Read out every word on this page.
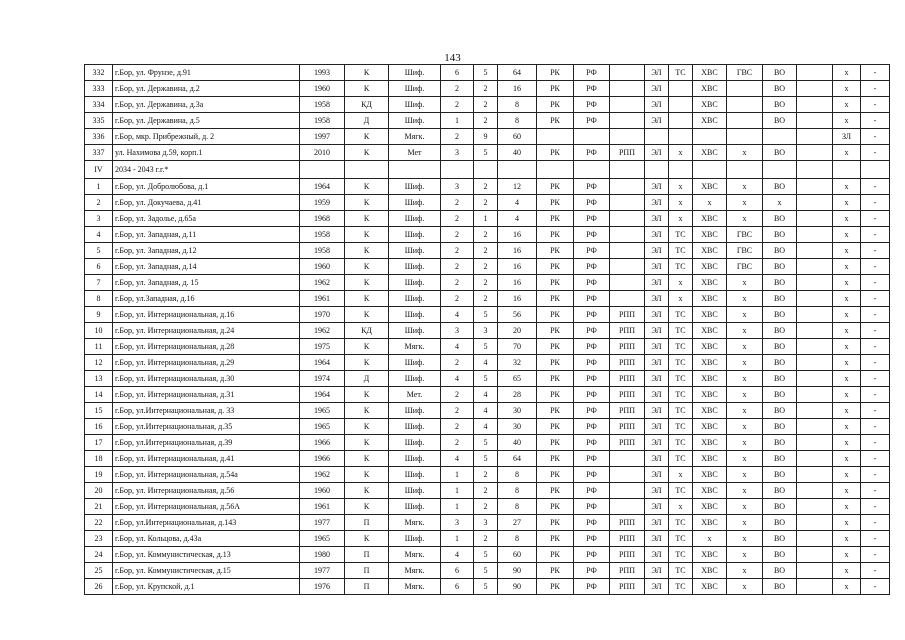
143
332	г.Бор, ул. Фрунзе, д.91	1993	К	Шиф.	6	5	64	РК	РФ		ЭЛ	ТС	ХВС	ГВС	ВО		х	-
333	г.Бор, ул. Державина, д.2	1960	К	Шиф.	2	2	16	РК	РФ		ЭЛ		ХВС		ВО		х	-
334	г.Бор, ул. Державина, д.3а	1958	КД	Шиф.	2	2	8	РК	РФ		ЭЛ		ХВС		ВО		х	-
335	г.Бор, ул. Державина, д.5	1958	Д	Шиф.	1	2	8	РК	РФ		ЭЛ		ХВС		ВО		х	-
336	г.Бор, мкр. Прибрежный, д. 2	1997	К	Мягк.	2	9	60										ЗЛ	-
337	ул. Нахимова д.59, корп.1	2010	К	Мет	3	5	40	РК	РФ	РПП	ЭЛ	х	ХВС	х	ВО		х	-
IV	2034 - 2043 г.г.*																	
1	г.Бор, ул. Добролюбова, д.1	1964	К	Шиф.	3	2	12	РК	РФ		ЭЛ	х	ХВС	х	ВО		х	-
2	г.Бор, ул. Докучаева, д.41	1959	К	Шиф.	2	2	4	РК	РФ		ЭЛ	х	х	х	х		х	-
3	г.Бор, ул. Задолье, д.65а	1968	К	Шиф.	2	1	4	РК	РФ		ЭЛ	х	ХВС	х	ВО		х	-
4	г.Бор, ул. Западная, д.11	1958	К	Шиф.	2	2	16	РК	РФ		ЭЛ	ТС	ХВС	ГВС	ВО		х	-
5	г.Бор, ул. Западная, д.12	1958	К	Шиф.	2	2	16	РК	РФ		ЭЛ	ТС	ХВС	ГВС	ВО		х	-
6	г.Бор, ул. Западная, д.14	1960	К	Шиф.	2	2	16	РК	РФ		ЭЛ	ТС	ХВС	ГВС	ВО		х	-
7	г.Бор, ул. Западная, д. 15	1962	К	Шиф.	2	2	16	РК	РФ		ЭЛ	х	ХВС	х	ВО		х	-
8	г.Бор, ул.Западная, д.16	1961	К	Шиф.	2	2	16	РК	РФ		ЭЛ	х	ХВС	х	ВО		х	-
9	г.Бор, ул. Интернациональная, д.16	1970	К	Шиф.	4	5	56	РК	РФ	РПП	ЭЛ	ТС	ХВС	х	ВО		х	-
10	г.Бор, ул. Интернациональная, д.24	1962	КД	Шиф.	3	3	20	РК	РФ	РПП	ЭЛ	ТС	ХВС	х	ВО		х	-
11	г.Бор, ул. Интернациональная, д.28	1975	К	Мягк.	4	5	70	РК	РФ	РПП	ЭЛ	ТС	ХВС	х	ВО		х	-
12	г.Бор, ул. Интернациональная, д.29	1964	К	Шиф.	2	4	32	РК	РФ	РПП	ЭЛ	ТС	ХВС	х	ВО		х	-
13	г.Бор, ул. Интернациональная, д.30	1974	Д	Шиф.	4	5	65	РК	РФ	РПП	ЭЛ	ТС	ХВС	х	ВО		х	-
14	г.Бор, ул. Интернациональная, д.31	1964	К	Мет.	2	4	28	РК	РФ	РПП	ЭЛ	ТС	ХВС	х	ВО		х	-
15	г.Бор, ул.Интернациональная, д. 33	1965	К	Шиф.	2	4	30	РК	РФ	РПП	ЭЛ	ТС	ХВС	х	ВО		х	-
16	г.Бор, ул.Интернациональная, д.35	1965	К	Шиф.	2	4	30	РК	РФ	РПП	ЭЛ	ТС	ХВС	х	ВО		х	-
17	г.Бор, ул.Интернациональная, д.39	1966	К	Шиф.	2	5	40	РК	РФ	РПП	ЭЛ	ТС	ХВС	х	ВО		х	-
18	г.Бор, ул. Интернациональная, д.41	1966	К	Шиф.	4	5	64	РК	РФ		ЭЛ	ТС	ХВС	х	ВО		х	-
19	г.Бор, ул. Интернациональная, д.54а	1962	К	Шиф.	1	2	8	РК	РФ		ЭЛ	х	ХВС	х	ВО		х	-
20	г.Бор, ул. Интернациональная, д.56	1960	К	Шиф.	1	2	8	РК	РФ		ЭЛ	ТС	ХВС	х	ВО		х	-
21	г.Бор, ул. Интернациональная, д.56А	1961	К	Шиф.	1	2	8	РК	РФ		ЭЛ	х	ХВС	х	ВО		х	-
22	г.Бор, ул.Интернациональная, д.143	1977	П	Мягк.	3	3	27	РК	РФ	РПП	ЭЛ	ТС	ХВС	х	ВО		х	-
23	г.Бор, ул. Кольцова, д.43а	1965	К	Шиф.	1	2	8	РК	РФ	РПП	ЭЛ	ТС	х	х	ВО		х	-
24	г.Бор, ул. Коммунистическая, д.13	1980	П	Мягк.	4	5	60	РК	РФ	РПП	ЭЛ	ТС	ХВС	х	ВО		х	-
25	г.Бор, ул. Коммунистическая, д.15	1977	П	Мягк.	6	5	90	РК	РФ	РПП	ЭЛ	ТС	ХВС	х	ВО		х	-
26	г.Бор, ул. Крупской, д.1	1976	П	Мягк.	6	5	90	РК	РФ	РПП	ЭЛ	ТС	ХВС	х	ВО		х	-
